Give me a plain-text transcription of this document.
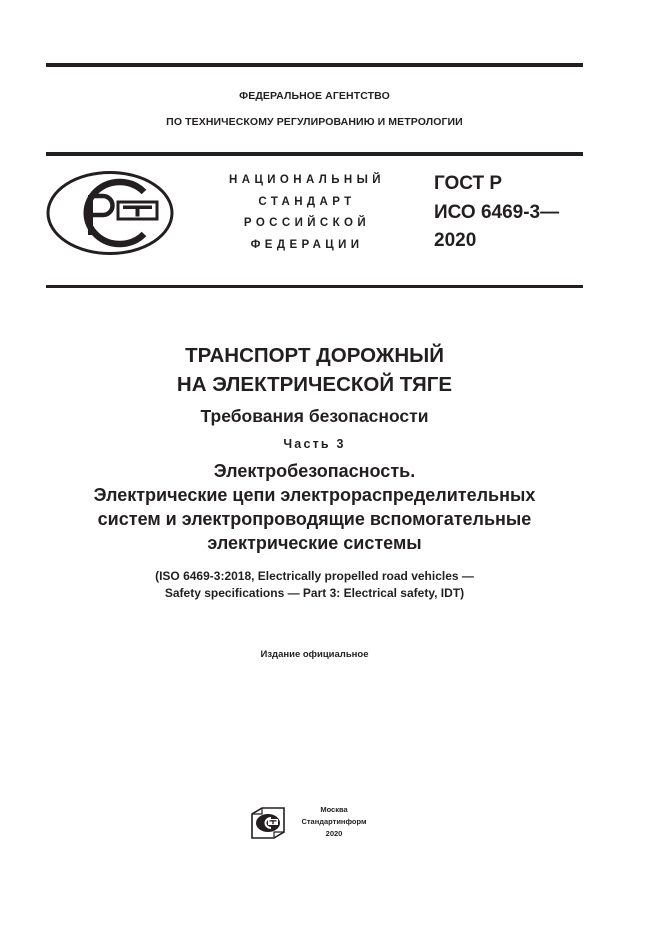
ФЕДЕРАЛЬНОЕ АГЕНТСТВО
ПО ТЕХНИЧЕСКОМУ РЕГУЛИРОВАНИЮ И МЕТРОЛОГИИ
НАЦИОНАЛЬНЫЙ
СТАНДАРТ
РОССИЙСКОЙ
ФЕДЕРАЦИИ
ГОСТ Р
ИСО 6469-3—
2020
ТРАНСПОРТ ДОРОЖНЫЙ
НА ЭЛЕКТРИЧЕСКОЙ ТЯГЕ
Требования безопасности
Часть 3
Электробезопасность.
Электрические цепи электрораспределительных
систем и электропроводящие вспомогательные
электрические системы
(ISO 6469-3:2018, Electrically propelled road vehicles —
Safety specifications — Part 3: Electrical safety, IDT)
Издание официальное
Москва
Стандартинформ
2020
